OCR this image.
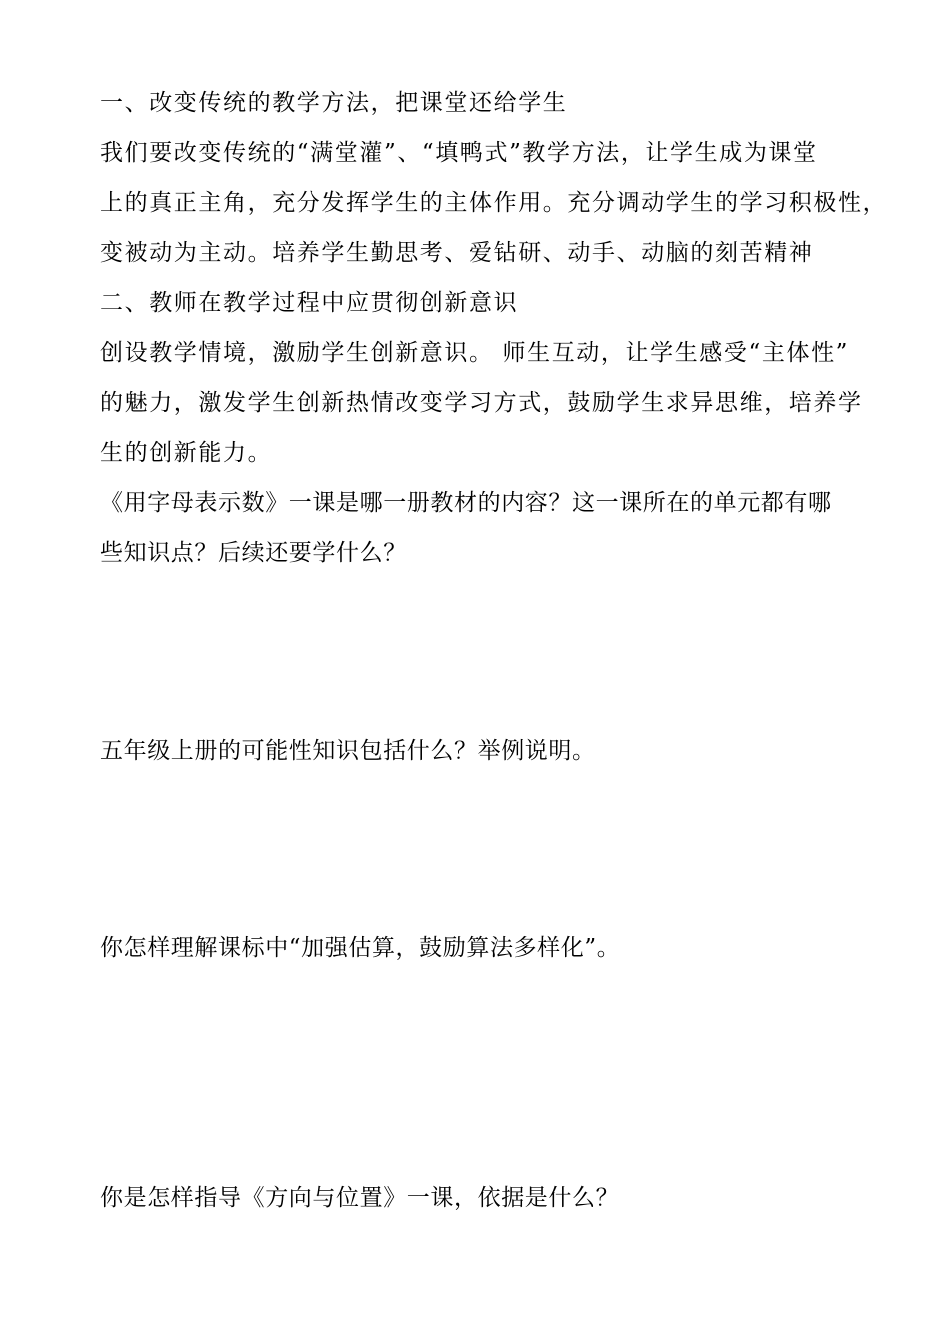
一、改变传统的教学方法，把课堂还给学生
我们要改变传统的“满堂灌”、“填鸭式”教学方法，让学生成为课堂
上的真正主角，充分发挥学生的主体作用。充分调动学生的学习积极性，
变被动为主动。培养学生勤思考、爱钻研、动手、动脑的刻苦精神
二、教师在教学过程中应贯彻创新意识
创设教学情境，激励学生创新意识。 师生互动，让学生感受“主体性”
的魅力，激发学生创新热情改变学习方式，鼓励学生求异思维，培养学
生的创新能力。
《用字母表示数》一课是哪一册教材的内容？这一课所在的单元都有哪
些知识点？后续还要学什么？
五年级上册的可能性知识包括什么？举例说明。
你怎样理解课标中“加强估算，鼓励算法多样化”。
你是怎样指导《方向与位置》一课，依据是什么？
